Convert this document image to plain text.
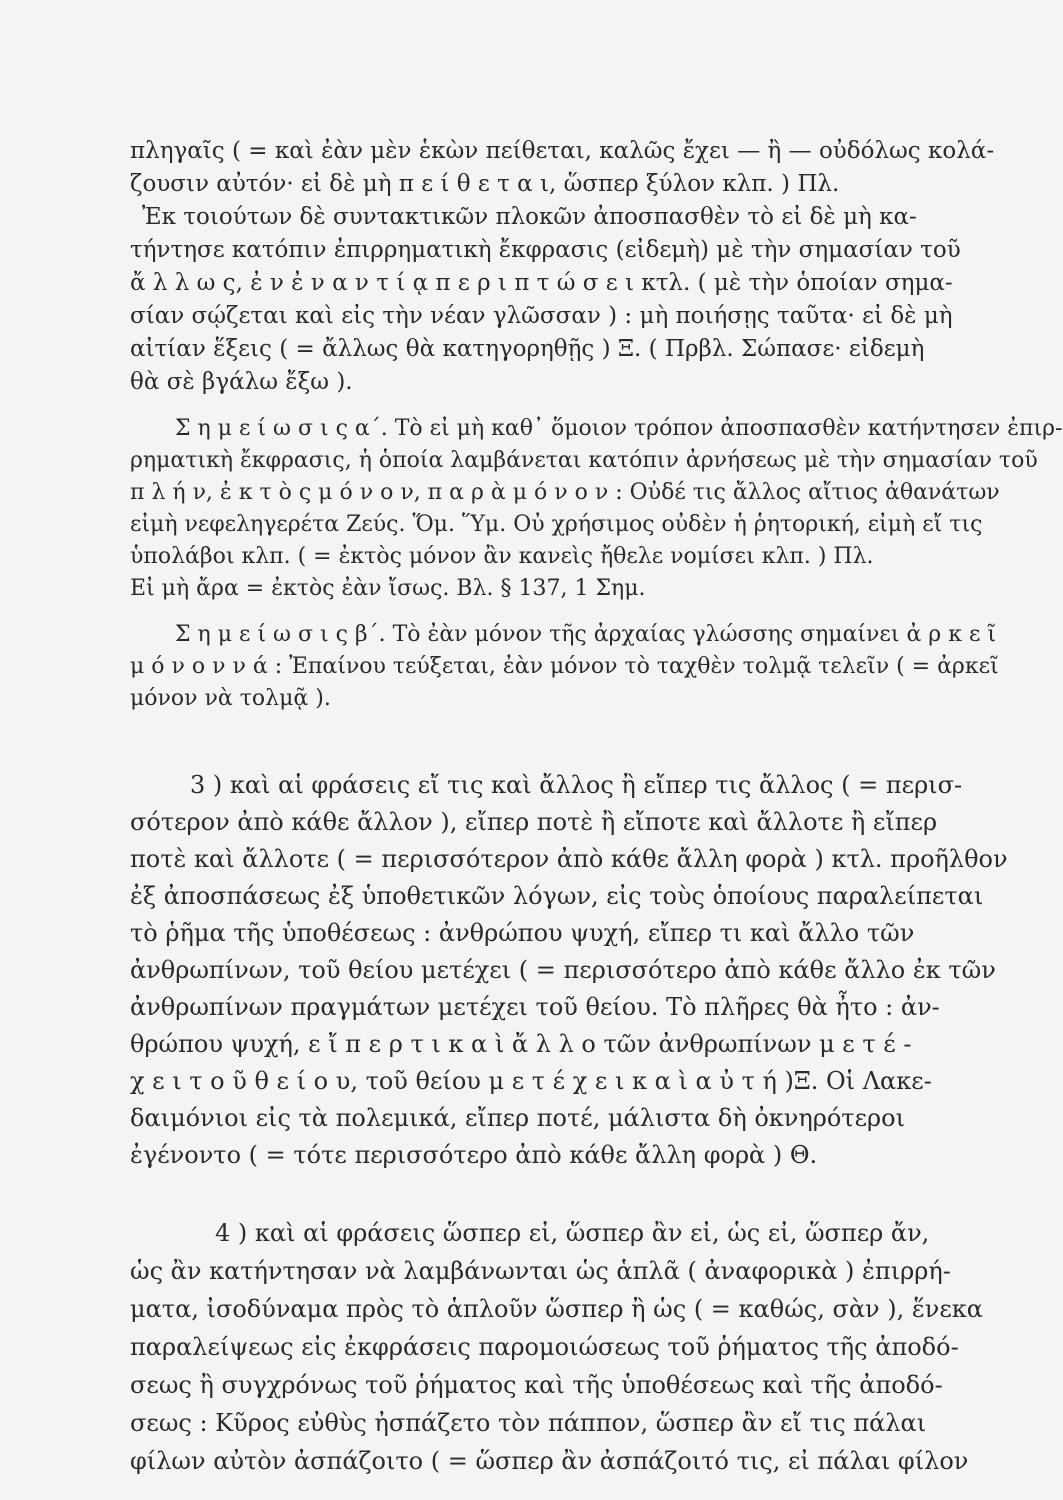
πληγαῖς ( = καὶ ἐὰν μὲν ἑκὼν πείθεται, καλῶς ἔχει — ἢ — οὐδόλως κολά-
ζουσιν αὐτόν· εἰ δὲ μὴ π ε ί θ ε τ α ι, ὥσπερ ξύλον κλπ. ) Πλ.
Ἐκ τοιούτων δὲ συντακτικῶν πλοκῶν ἀποσπασθὲν τὸ εἰ δὲ μὴ κα-
τήντησε κατόπιν ἐπιρρηματικὴ ἔκφρασις (εἰδεμὴ) μὲ τὴν σημασίαν τοῦ
ἄ λ λ ω ς, ἐ ν ἐ ν α ν τ ί ᾳ π ε ρ ι π τ ώ σ ε ι κτλ. ( μὲ τὴν ὁποίαν σημα-
σίαν σῴζεται καὶ εἰς τὴν νέαν γλῶσσαν ) : μὴ ποιήσῃς ταῦτα· εἰ δὲ μὴ
αἰτίαν ἕξεις ( = ἄλλως θὰ κατηγορηθῇς ) Ξ. ( Πρβλ. Σώπασε· εἰδεμὴ
θὰ σὲ βγάλω ἔξω ).
Σ η μ ε ί ω σ ι ς α΄. Τὸ εἰ μὴ καθ᾽ ὅμοιον τρόπον ἀποσπασθὲν κατήντησεν ἐπιρ-
ρηματικὴ ἔκφρασις, ἡ ὁποία λαμβάνεται κατόπιν ἀρνήσεως μὲ τὴν σημασίαν τοῦ
π λ ή ν, ἐ κ τ ὸ ς μ ό ν ο ν, π α ρ ὰ μ ό ν ο ν : Οὐδέ τις ἄλλος αἴτιος ἀθανάτων
εἰμὴ νεφεληγερέτα Ζεύς. Ὅμ. Ὕμ. Οὐ χρήσιμος οὐδὲν ἡ ῥητορική, εἰμὴ εἴ τις
ὑπολάβοι κλπ. ( = ἐκτὸς μόνον ἂν κανεὶς ἤθελε νομίσει κλπ. ) Πλ.
Εἰ μὴ ἄρα = ἐκτὸς ἐὰν ἴσως. Βλ. § 137, 1 Σημ.
Σ η μ ε ί ω σ ι ς β΄. Τὸ ἐὰν μόνον τῆς ἀρχαίας γλώσσης σημαίνει ἀ ρ κ ε ῖ
μ ό ν ο ν ν ά : Ἐπαίνου τεύξεται, ἐὰν μόνον τὸ ταχθὲν τολμᾷ τελεῖν ( = ἀρκεῖ
μόνον νὰ τολμᾷ ).
3 ) καὶ αἱ φράσεις εἴ τις καὶ ἄλλος ἢ εἴπερ τις ἄλλος ( = περισ-
σότερον ἀπὸ κάθε ἄλλον ), εἴπερ ποτὲ ἢ εἴποτε καὶ ἄλλοτε ἢ εἴπερ
ποτὲ καὶ ἄλλοτε ( = περισσότερον ἀπὸ κάθε ἄλλη φορὰ ) κτλ. προῆλθον
ἐξ ἀποσπάσεως ἐξ ὑποθετικῶν λόγων, εἰς τοὺς ὁποίους παραλείπεται
τὸ ῥῆμα τῆς ὑποθέσεως : ἀνθρώπου ψυχή, εἴπερ τι καὶ ἄλλο τῶν
ἀνθρωπίνων, τοῦ θείου μετέχει ( = περισσότερο ἀπὸ κάθε ἄλλο ἐκ τῶν
ἀνθρωπίνων πραγμάτων μετέχει τοῦ θείου. Τὸ πλῆρες θὰ ἦτο : ἀν-
θρώπου ψυχή, ε ἴ π ε ρ τ ι κ α ὶ ἄ λ λ ο τῶν ἀνθρωπίνων μ ε τ έ -
χ ε ι τ ο ῦ θ ε ί ο υ, τοῦ θείου μ ε τ έ χ ε ι κ α ὶ α ὐ τ ή )Ξ. Οἱ Λακε-
δαιμόνιοι εἰς τὰ πολεμικά, εἴπερ ποτέ, μάλιστα δὴ ὀκνηρότεροι
ἐγένοντο ( = τότε περισσότερο ἀπὸ κάθε ἄλλη φορὰ ) Θ.
4 ) καὶ αἱ φράσεις ὥσπερ εἰ, ὥσπερ ἂν εἰ, ὡς εἰ, ὥσπερ ἄν,
ὡς ἂν κατήντησαν νὰ λαμβάνωνται ὡς ἁπλᾶ ( ἀναφορικὰ ) ἐπιρρή-
ματα, ἰσοδύναμα πρὸς τὸ ἁπλοῦν ὥσπερ ἢ ὡς ( = καθώς, σὰν ), ἕνεκα
παραλείψεως εἰς ἐκφράσεις παρομοιώσεως τοῦ ῥήματος τῆς ἀποδό-
σεως ἢ συγχρόνως τοῦ ῥήματος καὶ τῆς ὑποθέσεως καὶ τῆς ἀποδό-
σεως : Κῦρος εὐθὺς ἠσπάζετο τὸν πάππον, ὥσπερ ἂν εἴ τις πάλαι
φίλων αὐτὸν ἀσπάζοιτο ( = ὥσπερ ἂν ἀσπάζοιτό τις, εἰ πάλαι φίλον
